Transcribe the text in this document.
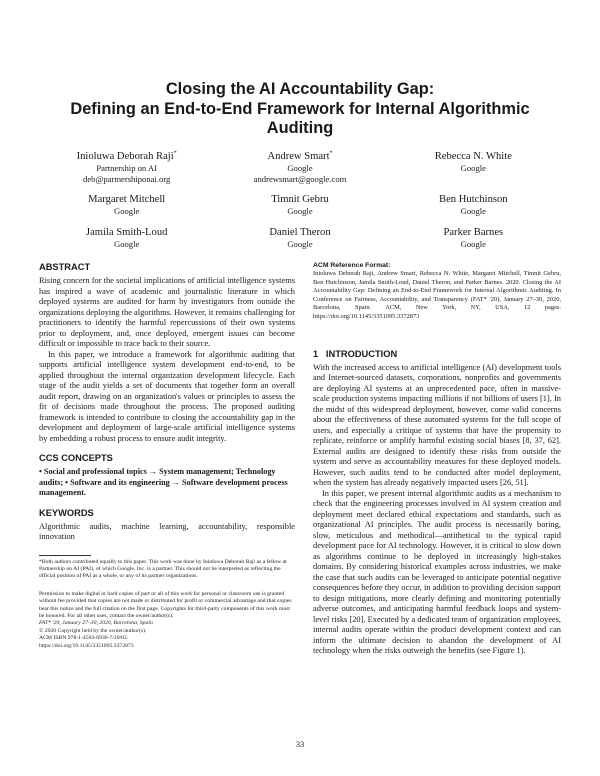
Closing the AI Accountability Gap:
Defining an End-to-End Framework for Internal Algorithmic
Auditing
Inioluwa Deborah Raji*
Partnership on AI
deb@partnershiponai.org
Andrew Smart*
Google
andrewsmart@google.com
Rebecca N. White
Google
Margaret Mitchell
Google
Timnit Gebru
Google
Ben Hutchinson
Google
Jamila Smith-Loud
Google
Daniel Theron
Google
Parker Barnes
Google
ABSTRACT

Rising concern for the societal implications of artificial intelligence systems has inspired a wave of academic and journalistic literature in which deployed systems are audited for harm by investigators from outside the organizations deploying the algorithms. However, it remains challenging for practitioners to identify the harmful repercussions of their own systems prior to deployment, and, once deployed, emergent issues can become difficult or impossible to trace back to their source.

In this paper, we introduce a framework for algorithmic auditing that supports artificial intelligence system development end-to-end, to be applied throughout the internal organization development lifecycle. Each stage of the audit yields a set of documents that together form an overall audit report, drawing on an organization's values or principles to assess the fit of decisions made throughout the process. The proposed auditing framework is intended to contribute to closing the accountability gap in the development and deployment of large-scale artificial intelligence systems by embedding a robust process to ensure audit integrity.

CCS CONCEPTS

• Social and professional topics → System management; Technology audits; • Software and its engineering → Software development process management.

KEYWORDS

Algorithmic audits, machine learning, accountability, responsible innovation

*Both authors contributed equally to this paper. This work was done by Inioluwa Deborah Raji as a fellow at Partnership on AI (PAI), of which Google, Inc. is a partner. This should not be interpreted as reflecting the official position of PAI as a whole, or any of its partner organizations.

Permission to make digital or hard copies of part or all of this work for personal or classroom use is granted without fee provided that copies are not made or distributed for profit or commercial advantage and that copies bear this notice and the full citation on the first page. Copyrights for third-party components of this work must be honored. For all other uses, contact the owner/author(s).

FAT* '20, January 27–30, 2020, Barcelona, Spain

© 2020 Copyright held by the owner/author(s).

ACM ISBN 978-1-4503-6936-7/20/02.

https://doi.org/10.1145/3351095.3372873

ACM Reference Format:

Inioluwa Deborah Raji, Andrew Smart, Rebecca N. White, Margaret Mitchell, Timnit Gebru, Ben Hutchinson, Jamila Smith-Loud, Daniel Theron, and Parker Barnes. 2020. Closing the AI Accountability Gap: Defining an End-to-End Framework for Internal Algorithmic Auditing. In Conference on Fairness, Accountability, and Transparency (FAT* '20), January 27–30, 2020, Barcelona, Spain. ACM, New York, NY, USA, 12 pages. https://doi.org/10.1145/3351095.3372873

1   INTRODUCTION

With the increased access to artificial intelligence (AI) development tools and Internet-sourced datasets, corporations, nonprofits and governments are deploying AI systems at an unprecedented pace, often in massive-scale production systems impacting millions if not billions of users [1]. In the midst of this widespread deployment, however, come valid concerns about the effectiveness of these automated systems for the full scope of users, and especially a critique of systems that have the propensity to replicate, reinforce or amplify harmful existing social biases [8, 37, 62]. External audits are designed to identify these risks from outside the system and serve as accountability measures for these deployed models. However, such audits tend to be conducted after model deployment, when the system has already negatively impacted users [26, 51].

In this paper, we present internal algorithmic audits as a mechanism to check that the engineering processes involved in AI system creation and deployment meet declared ethical expectations and standards, such as organizational AI principles. The audit process is necessarily boring, slow, meticulous and methodical—antithetical to the typical rapid development pace for AI technology. However, it is critical to slow down as algorithms continue to be deployed in increasingly high-stakes domains. By considering historical examples across industries, we make the case that such audits can be leveraged to anticipate potential negative consequences before they occur, in addition to providing decision support to design mitigations, more clearly defining and monitoring potentially adverse outcomes, and anticipating harmful feedback loops and system-level risks [20]. Executed by a dedicated team of organization employees, internal audits operate within the product development context and can inform the ultimate decision to abandon the development of AI technology when the risks outweigh the benefits (see Figure 1).

33
